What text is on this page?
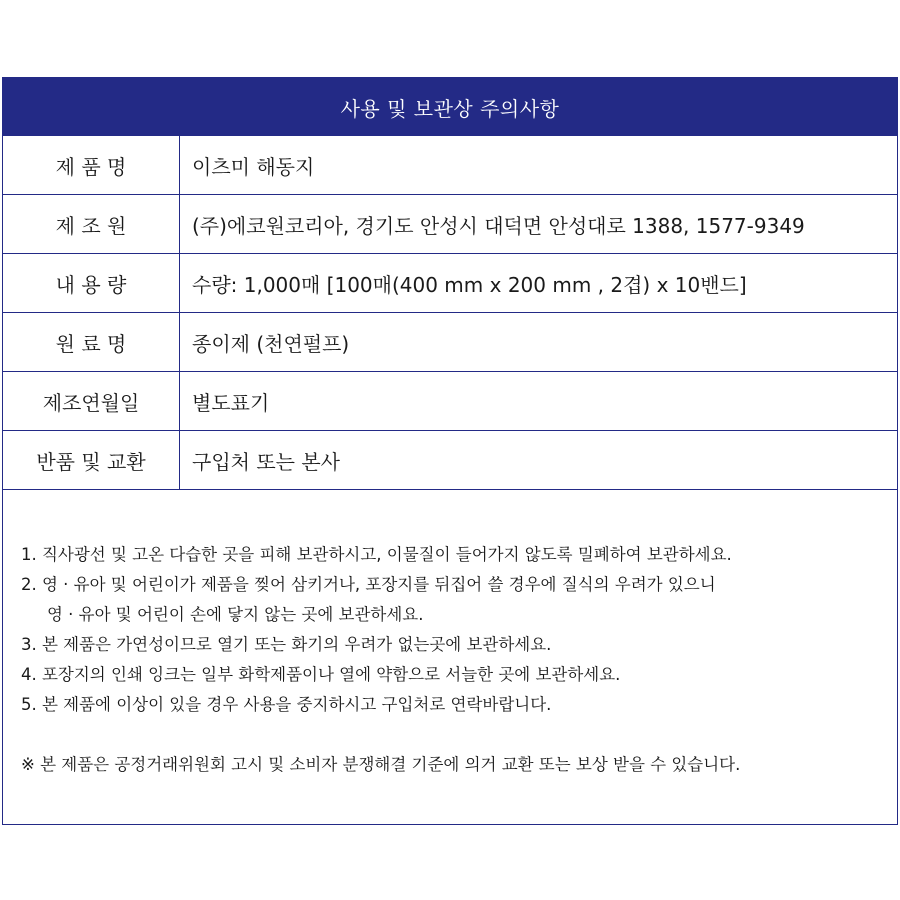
사용 및 보관상 주의사항
제 품 명	이츠미 해동지
제 조 원	(주)에코원코리아, 경기도 안성시 대덕면 안성대로 1388, 1577-9349
내 용 량	수량: 1,000매 [100매(400 mm x 200 mm , 2겹) x 10밴드]
원 료 명	종이제 (천연펄프)
제조연월일	별도표기
반품 및 교환	구입처 또는 본사
1. 직사광선 및 고온 다습한 곳을 피해 보관하시고, 이물질이 들어가지 않도록 밀폐하여 보관하세요.
2. 영 · 유아 및 어린이가 제품을 찢어 삼키거나, 포장지를 뒤집어 쓸 경우에 질식의 우려가 있으니
영 · 유아 및 어린이 손에 닿지 않는 곳에 보관하세요.
3. 본 제품은 가연성이므로 열기 또는 화기의 우려가 없는곳에 보관하세요.
4. 포장지의 인쇄 잉크는 일부 화학제품이나 열에 약함으로 서늘한 곳에 보관하세요.
5. 본 제품에 이상이 있을 경우 사용을 중지하시고 구입처로 연락바랍니다.
※ 본 제품은 공정거래위원회 고시 및 소비자 분쟁해결 기준에 의거 교환 또는 보상 받을 수 있습니다.
